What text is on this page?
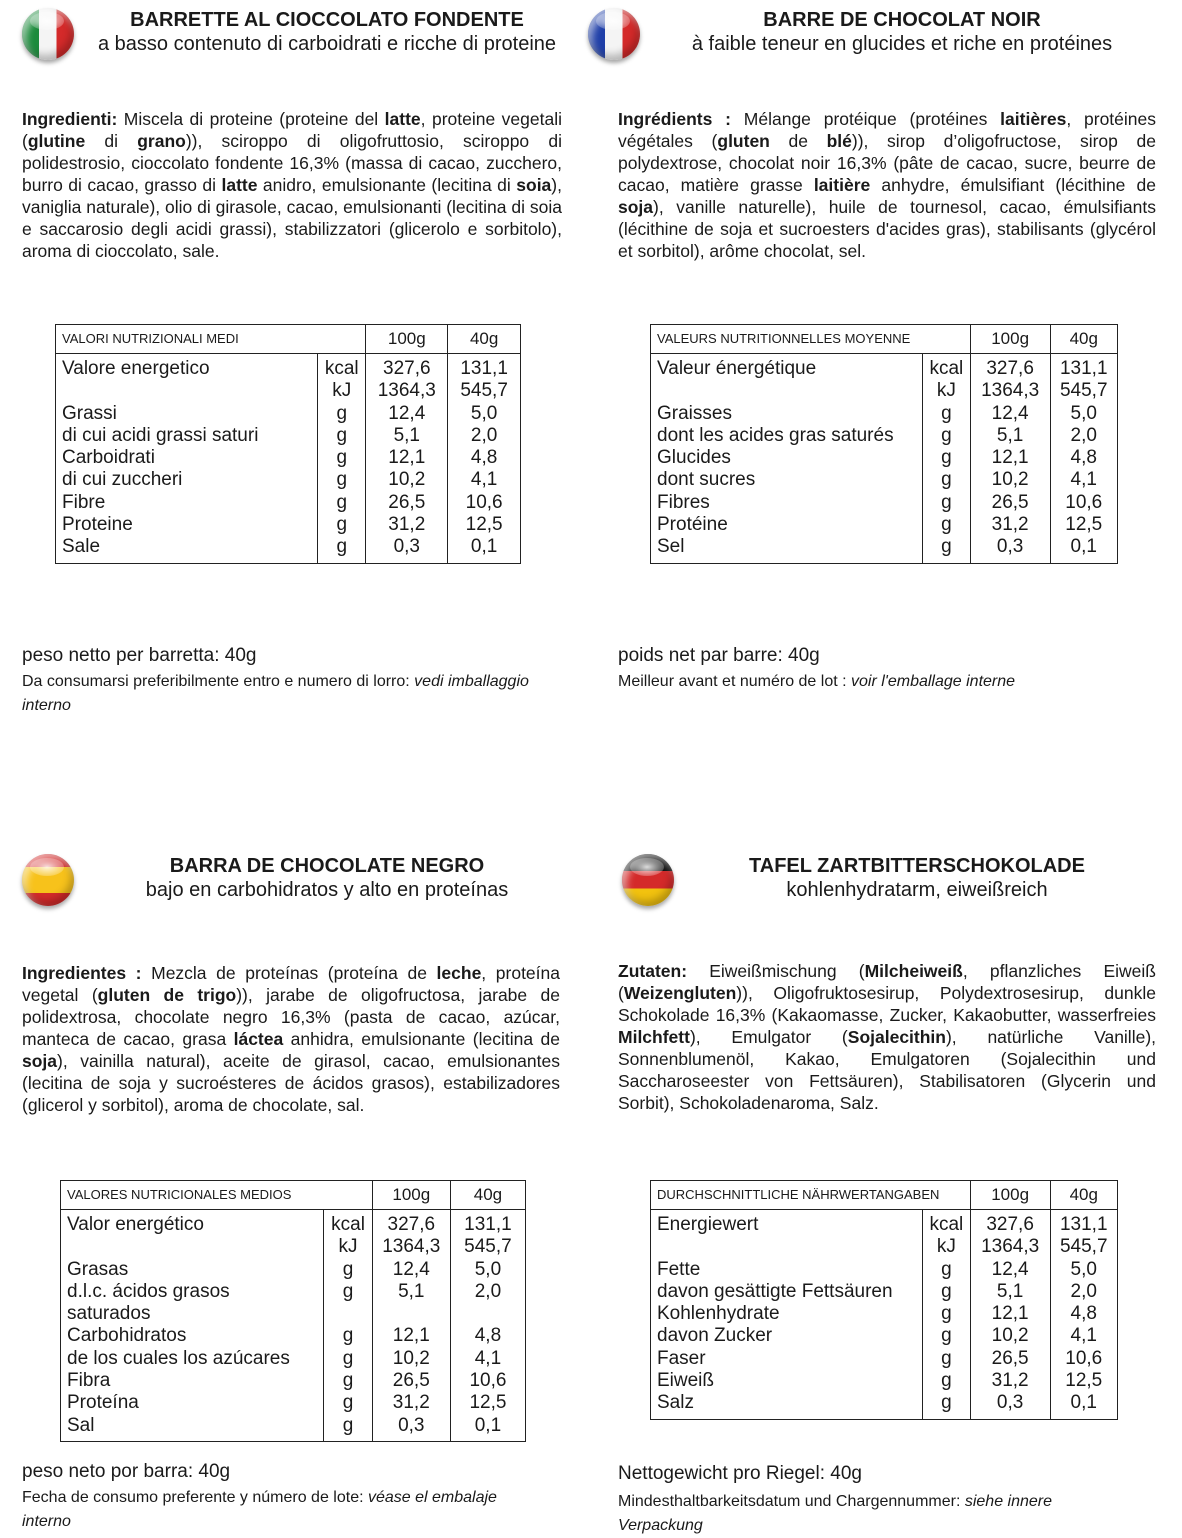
BARRETTE AL CIOCCOLATO FONDENTE
a basso contenuto di carboidrati e ricche di proteine
Ingredienti: Miscela di proteine (proteine del latte, proteine vegetali (glutine di grano)), sciroppo di oligofruttosio, sciroppo di polidestrosio, cioccolato fondente 16,3% (massa di cacao, zucchero, burro di cacao, grasso di latte anidro, emulsionante (lecitina di soia), vaniglia naturale), olio di girasole, cacao, emulsionanti (lecitina di soia e saccarosio degli acidi grassi), stabilizzatori (glicerolo e sorbitolo), aroma di cioccolato, sale.
VALORI NUTRIZIONALI MEDI		100g	40g
Valore energetico	kcal	327,6	131,1
	kJ	1364,3	545,7
Grassi	g	12,4	5,0
di cui acidi grassi saturi	g	5,1	2,0
Carboidrati	g	12,1	4,8
di cui zuccheri	g	10,2	4,1
Fibre	g	26,5	10,6
Proteine	g	31,2	12,5
Sale	g	0,3	0,1
peso netto per barretta: 40g
Da consumarsi preferibilmente entro e numero di lorro: vedi imballaggio interno
BARRE DE CHOCOLAT NOIR
à faible teneur en glucides et riche en protéines
Ingrédients : Mélange protéique (protéines laitières, protéines végétales (gluten de blé)), sirop d’oligofructose, sirop de polydextrose, chocolat noir 16,3% (pâte de cacao, sucre, beurre de cacao, matière grasse laitière anhydre, émulsifiant (lécithine de soja), vanille naturelle), huile de tournesol, cacao, émulsifiants (lécithine de soja et sucroesters d'acides gras), stabilisants (glycérol et sorbitol), arôme chocolat, sel.
VALEURS NUTRITIONNELLES MOYENNE		100g	40g
Valeur énergétique	kcal	327,6	131,1
	kJ	1364,3	545,7
Graisses	g	12,4	5,0
dont les acides gras saturés	g	5,1	2,0
Glucides	g	12,1	4,8
dont sucres	g	10,2	4,1
Fibres	g	26,5	10,6
Protéine	g	31,2	12,5
Sel	g	0,3	0,1
poids net par barre: 40g
Meilleur avant et numéro de lot : voir l'emballage interne
BARRA DE CHOCOLATE NEGRO
bajo en carbohidratos y alto en proteínas
Ingredientes : Mezcla de proteínas (proteína de leche, proteína vegetal (gluten de trigo)), jarabe de oligofructosa, jarabe de polidextrosa, chocolate negro 16,3% (pasta de cacao, azúcar, manteca de cacao, grasa láctea anhidra, emulsionante (lecitina de soja), vainilla natural), aceite de girasol, cacao, emulsionantes (lecitina de soja y sucroésteres de ácidos grasos), estabilizadores (glicerol y sorbitol), aroma de chocolate, sal.
VALORES NUTRICIONALES MEDIOS		100g	40g
Valor energético	kcal	327,6	131,1
	kJ	1364,3	545,7
Grasas	g	12,4	5,0
d.l.c. ácidos grasos saturados	g	5,1	2,0
Carbohidratos	g	12,1	4,8
de los cuales los azúcares	g	10,2	4,1
Fibra	g	26,5	10,6
Proteína	g	31,2	12,5
Sal	g	0,3	0,1
peso neto por barra: 40g
Fecha de consumo preferente y número de lote: véase el embalaje interno
TAFEL ZARTBITTERSCHOKOLADE
kohlenhydratarm, eiweißreich
Zutaten: Eiweißmischung (Milcheiweiß, pflanzliches Eiweiß (Weizengluten)), Oligofruktosesirup, Polydextrosesirup, dunkle Schokolade 16,3% (Kakaomasse, Zucker, Kakaobutter, wasserfreies Milchfett), Emulgator (Sojalecithin), natürliche Vanille), Sonnenblumenöl, Kakao, Emulgatoren (Sojalecithin und Saccharoseester von Fettsäuren), Stabilisatoren (Glycerin und Sorbit), Schokoladenaroma, Salz.
DURCHSCHNITTLICHE NÄHRWERTANGABEN		100g	40g
Energiewert	kcal	327,6	131,1
	kJ	1364,3	545,7
Fette	g	12,4	5,0
davon gesättigte Fettsäuren	g	5,1	2,0
Kohlenhydrate	g	12,1	4,8
davon Zucker	g	10,2	4,1
Faser	g	26,5	10,6
Eiweiß	g	31,2	12,5
Salz	g	0,3	0,1
Nettogewicht pro Riegel: 40g
Mindesthaltbarkeitsdatum und Chargennummer: siehe innere Verpackung
